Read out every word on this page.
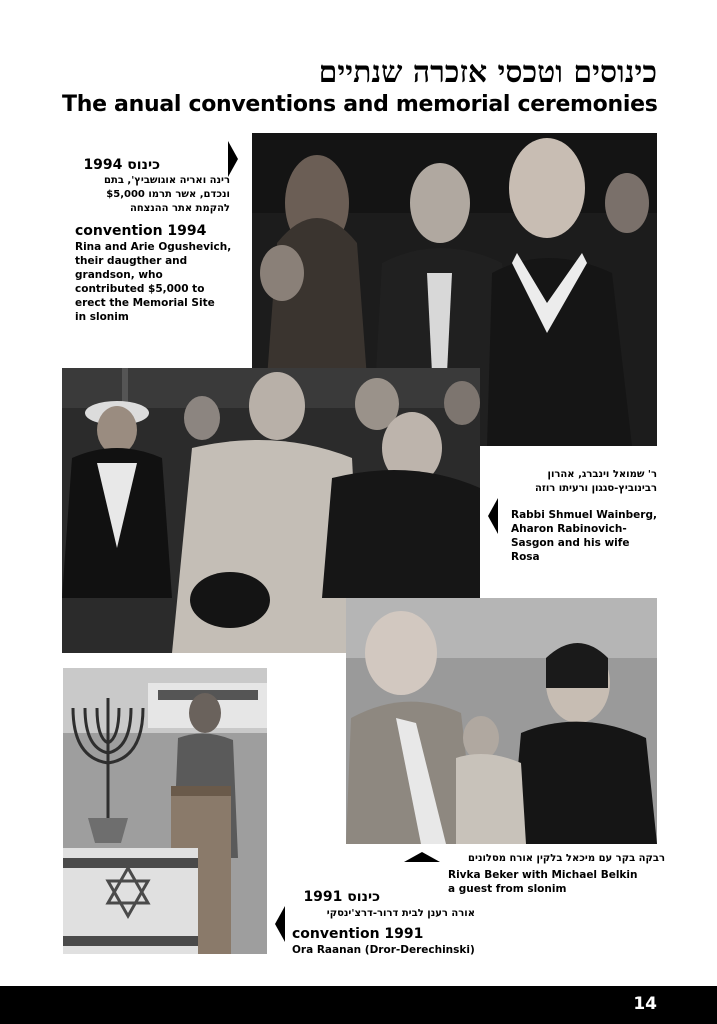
כינוסים וטכסי אזכרה שנתיים
The anual conventions and memorial ceremonies
כינוס 1994
רינה ואריה אוגושביץ', בתם
ונכדם, אשר תרמו $5,000
להקמת אתר ההנצחה
convention 1994
Rina and Arie Ogushevich,
their daugther and
grandson, who
contributed $5,000 to
erect the Memorial Site
in slonim
ר' שמואל וינברג, אהרון
רבינוביץ-סגגון ורעיתו רוזה
Rabbi Shmuel Wainberg,
Aharon Rabinovich-
Sasgon and his wife Rosa
רבקה בקר עם מיכאל בלקין אורח מסלונים
Rivka Beker with Michael Belkin
a guest from slonim
כינוס 1991
אורה רענן לבית דרור-דרצ'ינסקי
convention 1991
Ora Raanan (Dror-Derechinski)
14
